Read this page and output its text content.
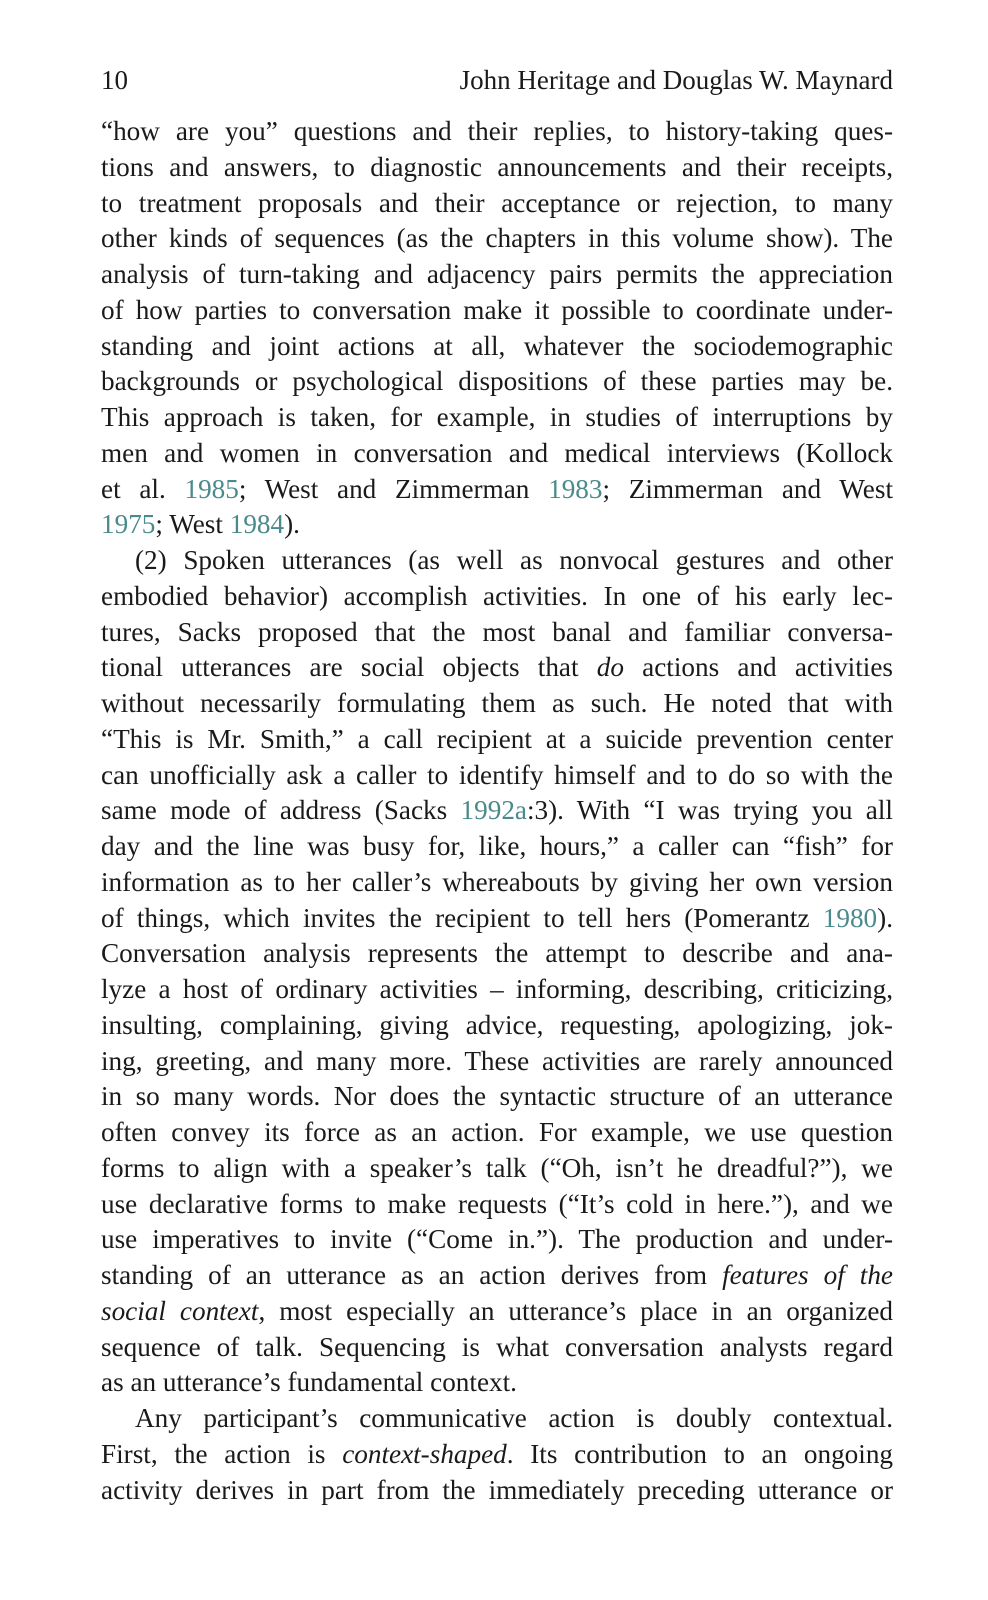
10	John Heritage and Douglas W. Maynard
“how are you” questions and their replies, to history-taking ques-
tions and answers, to diagnostic announcements and their receipts,
to treatment proposals and their acceptance or rejection, to many
other kinds of sequences (as the chapters in this volume show). The
analysis of turn-taking and adjacency pairs permits the appreciation
of how parties to conversation make it possible to coordinate under-
standing and joint actions at all, whatever the sociodemographic
backgrounds or psychological dispositions of these parties may be.
This approach is taken, for example, in studies of interruptions by
men and women in conversation and medical interviews (Kollock
et al. 1985; West and Zimmerman 1983; Zimmerman and West
1975; West 1984).
(2) Spoken utterances (as well as nonvocal gestures and other
embodied behavior) accomplish activities. In one of his early lec-
tures, Sacks proposed that the most banal and familiar conversa-
tional utterances are social objects that do actions and activities
without necessarily formulating them as such. He noted that with
“This is Mr. Smith,” a call recipient at a suicide prevention center
can unofficially ask a caller to identify himself and to do so with the
same mode of address (Sacks 1992a:3). With “I was trying you all
day and the line was busy for, like, hours,” a caller can “fish” for
information as to her caller’s whereabouts by giving her own version
of things, which invites the recipient to tell hers (Pomerantz 1980).
Conversation analysis represents the attempt to describe and ana-
lyze a host of ordinary activities – informing, describing, criticizing,
insulting, complaining, giving advice, requesting, apologizing, jok-
ing, greeting, and many more. These activities are rarely announced
in so many words. Nor does the syntactic structure of an utterance
often convey its force as an action. For example, we use question
forms to align with a speaker’s talk (“Oh, isn’t he dreadful?”), we
use declarative forms to make requests (“It’s cold in here.”), and we
use imperatives to invite (“Come in.”). The production and under-
standing of an utterance as an action derives from features of the
social context, most especially an utterance’s place in an organized
sequence of talk. Sequencing is what conversation analysts regard
as an utterance’s fundamental context.
Any participant’s communicative action is doubly contextual.
First, the action is context-shaped. Its contribution to an ongoing
activity derives in part from the immediately preceding utterance or
